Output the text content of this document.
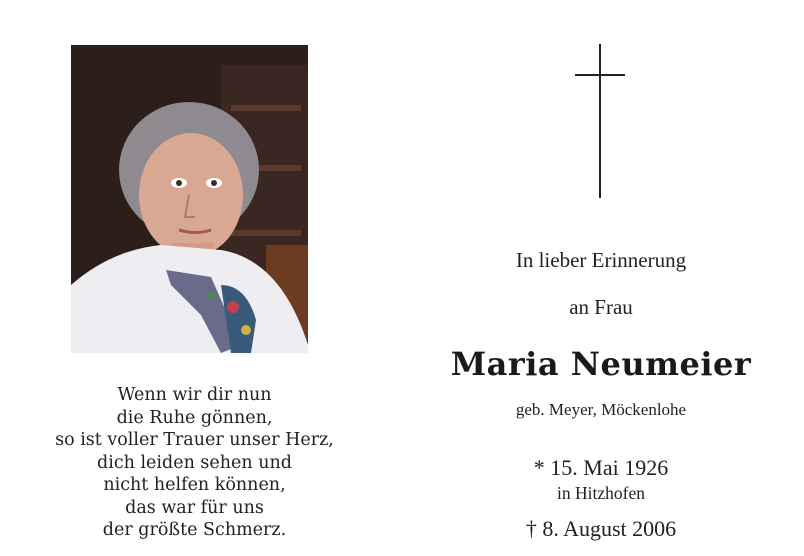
Wenn wir dir nun
die Ruhe gönnen,
so ist voller Trauer unser Herz,
dich leiden sehen und
nicht helfen können,
das war für uns
der größte Schmerz.
In lieber Erinnerung
an Frau
Maria Neumeier
geb. Meyer, Möckenlohe
* 15. Mai 1926
in Hitzhofen
† 8. August 2006
